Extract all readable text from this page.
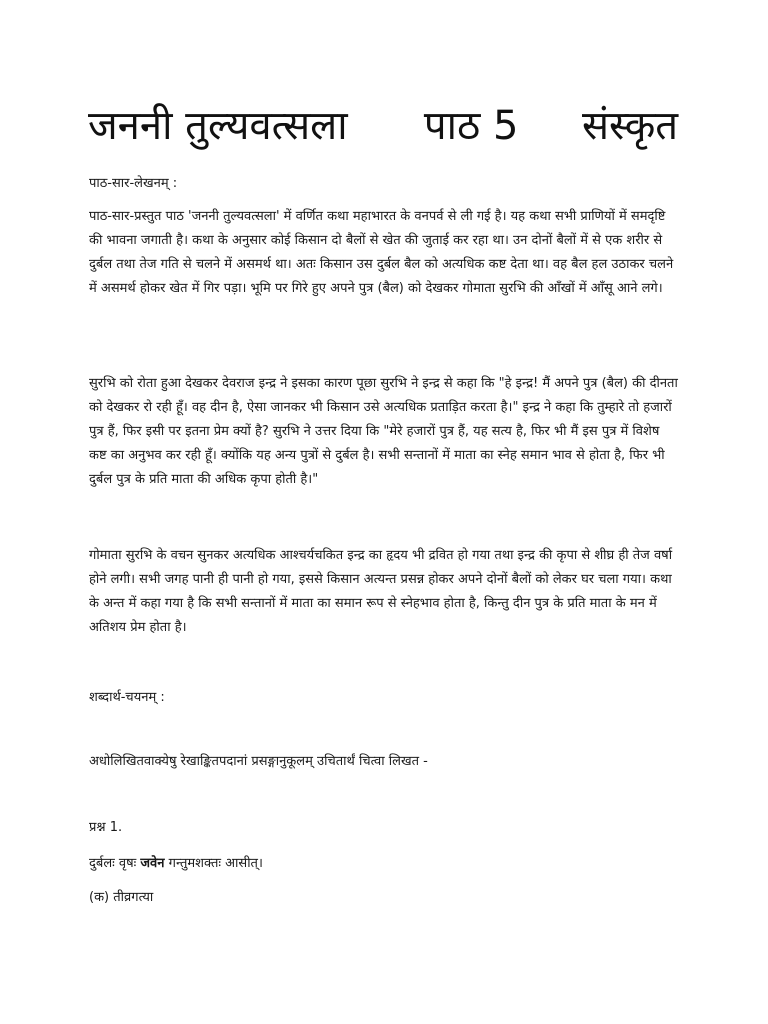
जननी तुल्यवत्सला      पाठ 5     संस्कृत

पाठ-सार-लेखनम् :

पाठ-सार-प्रस्तुत पाठ 'जननी तुल्यवत्सला' में वर्णित कथा महाभारत के वनपर्व से ली गई है। यह कथा सभी प्राणियों में समदृष्टि की भावना जगाती है। कथा के अनुसार कोई किसान दो बैलों से खेत की जुताई कर रहा था। उन दोनों बैलों में से एक शरीर से दुर्बल तथा तेज गति से चलने में असमर्थ था। अतः किसान उस दुर्बल बैल को अत्यधिक कष्ट देता था। वह बैल हल उठाकर चलने में असमर्थ होकर खेत में गिर पड़ा। भूमि पर गिरे हुए अपने पुत्र (बैल) को देखकर गोमाता सुरभि की आँखों में आँसू आने लगे।

सुरभि को रोता हुआ देखकर देवराज इन्द्र ने इसका कारण पूछा सुरभि ने इन्द्र से कहा कि "हे इन्द्र! मैं अपने पुत्र (बैल) की दीनता को देखकर रो रही हूँ। वह दीन है, ऐसा जानकर भी किसान उसे अत्यधिक प्रताड़ित करता है।" इन्द्र ने कहा कि तुम्हारे तो हजारों पुत्र हैं, फिर इसी पर इतना प्रेम क्यों है? सुरभि ने उत्तर दिया कि "मेरे हजारों पुत्र हैं, यह सत्य है, फिर भी मैं इस पुत्र में विशेष कष्ट का अनुभव कर रही हूँ। क्योंकि यह अन्य पुत्रों से दुर्बल है। सभी सन्तानों में माता का स्नेह समान भाव से होता है, फिर भी दुर्बल पुत्र के प्रति माता की अधिक कृपा होती है।"

गोमाता सुरभि के वचन सुनकर अत्यधिक आश्चर्यचकित इन्द्र का हृदय भी द्रवित हो गया तथा इन्द्र की कृपा से शीघ्र ही तेज वर्षा होने लगी। सभी जगह पानी ही पानी हो गया, इससे किसान अत्यन्त प्रसन्न होकर अपने दोनों बैलों को लेकर घर चला गया। कथा के अन्त में कहा गया है कि सभी सन्तानों में माता का समान रूप से स्नेहभाव होता है, किन्तु दीन पुत्र के प्रति माता के मन में अतिशय प्रेम होता है।

शब्दार्थ-चयनम् :

अधोलिखितवाक्येषु रेखाङ्कितपदानां प्रसङ्गानुकूलम् उचितार्थं चित्वा लिखत -

प्रश्न 1.

दुर्बलः वृषः जवेन गन्तुमशक्तः आसीत्।

(क) तीव्रगत्या
